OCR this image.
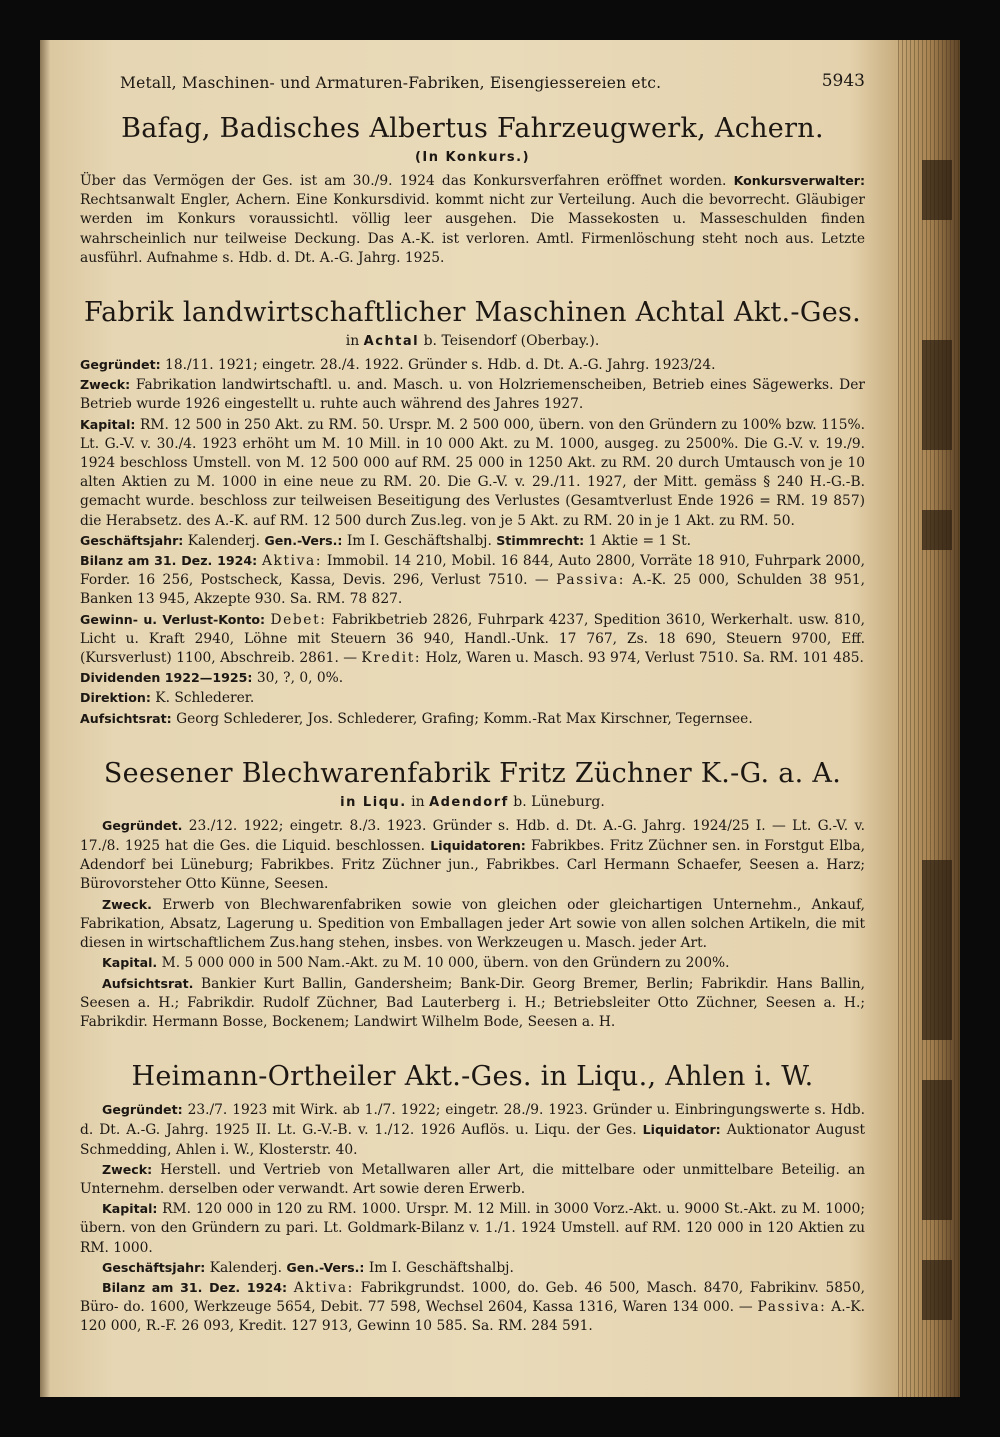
Metall, Maschinen- und Armaturen-Fabriken, Eisengiessereien etc.	5943
Bafag, Badisches Albertus Fahrzeugwerk, Achern.
(In Konkurs.)

Über das Vermögen der Ges. ist am 30./9. 1924 das Konkursverfahren eröffnet worden. Konkursverwalter: Rechtsanwalt Engler, Achern. Eine Konkursdivid. kommt nicht zur Verteilung. Auch die bevorrecht. Gläubiger werden im Konkurs voraussichtl. völlig leer ausgehen. Die Massekosten u. Masseschulden finden wahrscheinlich nur teilweise Deckung. Das A.-K. ist verloren. Amtl. Firmenlöschung steht noch aus. Letzte ausführl. Aufnahme s. Hdb. d. Dt. A.-G. Jahrg. 1925.

Fabrik landwirtschaftlicher Maschinen Achtal Akt.-Ges.
in Achtal b. Teisendorf (Oberbay.).

Gegründet: 18./11. 1921; eingetr. 28./4. 1922. Gründer s. Hdb. d. Dt. A.-G. Jahrg. 1923/24.

Zweck: Fabrikation landwirtschaftl. u. and. Masch. u. von Holzriemenscheiben, Betrieb eines Sägewerks. Der Betrieb wurde 1926 eingestellt u. ruhte auch während des Jahres 1927.

Kapital: RM. 12 500 in 250 Akt. zu RM. 50. Urspr. M. 2 500 000, übern. von den Gründern zu 100% bzw. 115%. Lt. G.-V. v. 30./4. 1923 erhöht um M. 10 Mill. in 10 000 Akt. zu M. 1000, ausgeg. zu 2500%. Die G.-V. v. 19./9. 1924 beschloss Umstell. von M. 12 500 000 auf RM. 25 000 in 1250 Akt. zu RM. 20 durch Umtausch von je 10 alten Aktien zu M. 1000 in eine neue zu RM. 20. Die G.-V. v. 29./11. 1927, der Mitt. gemäss § 240 H.-G.-B. gemacht wurde. beschloss zur teilweisen Beseitigung des Verlustes (Gesamtverlust Ende 1926 = RM. 19 857) die Herabsetz. des A.-K. auf RM. 12 500 durch Zus.leg. von je 5 Akt. zu RM. 20 in je 1 Akt. zu RM. 50.

Geschäftsjahr: Kalenderj. Gen.-Vers.: Im I. Geschäftshalbj. Stimmrecht: 1 Aktie = 1 St.

Bilanz am 31. Dez. 1924: Aktiva: Immobil. 14 210, Mobil. 16 844, Auto 2800, Vorräte 18 910, Fuhrpark 2000, Forder. 16 256, Postscheck, Kassa, Devis. 296, Verlust 7510. — Passiva: A.-K. 25 000, Schulden 38 951, Banken 13 945, Akzepte 930. Sa. RM. 78 827.

Gewinn- u. Verlust-Konto: Debet: Fabrikbetrieb 2826, Fuhrpark 4237, Spedition 3610, Werkerhalt. usw. 810, Licht u. Kraft 2940, Löhne mit Steuern 36 940, Handl.-Unk. 17 767, Zs. 18 690, Steuern 9700, Eff. (Kursverlust) 1100, Abschreib. 2861. — Kredit: Holz, Waren u. Masch. 93 974, Verlust 7510. Sa. RM. 101 485.

Dividenden 1922—1925: 30, ?, 0, 0%.

Direktion: K. Schlederer.

Aufsichtsrat: Georg Schlederer, Jos. Schlederer, Grafing; Komm.-Rat Max Kirschner, Tegernsee.

Seesener Blechwarenfabrik Fritz Züchner K.-G. a. A.
in Liqu. in Adendorf b. Lüneburg.

Gegründet. 23./12. 1922; eingetr. 8./3. 1923. Gründer s. Hdb. d. Dt. A.-G. Jahrg. 1924/25 I. — Lt. G.-V. v. 17./8. 1925 hat die Ges. die Liquid. beschlossen. Liquidatoren: Fabrikbes. Fritz Züchner sen. in Forstgut Elba, Adendorf bei Lüneburg; Fabrikbes. Fritz Züchner jun., Fabrikbes. Carl Hermann Schaefer, Seesen a. Harz; Bürovorsteher Otto Künne, Seesen.

Zweck. Erwerb von Blechwarenfabriken sowie von gleichen oder gleichartigen Unternehm., Ankauf, Fabrikation, Absatz, Lagerung u. Spedition von Emballagen jeder Art sowie von allen solchen Artikeln, die mit diesen in wirtschaftlichem Zus.hang stehen, insbes. von Werkzeugen u. Masch. jeder Art.

Kapital. M. 5 000 000 in 500 Nam.-Akt. zu M. 10 000, übern. von den Gründern zu 200%.

Aufsichtsrat. Bankier Kurt Ballin, Gandersheim; Bank-Dir. Georg Bremer, Berlin; Fabrikdir. Hans Ballin, Seesen a. H.; Fabrikdir. Rudolf Züchner, Bad Lauterberg i. H.; Betriebsleiter Otto Züchner, Seesen a. H.; Fabrikdir. Hermann Bosse, Bockenem; Landwirt Wilhelm Bode, Seesen a. H.

Heimann-Ortheiler Akt.-Ges. in Liqu., Ahlen i. W.

Gegründet: 23./7. 1923 mit Wirk. ab 1./7. 1922; eingetr. 28./9. 1923. Gründer u. Einbringungswerte s. Hdb. d. Dt. A.-G. Jahrg. 1925 II. Lt. G.-V.-B. v. 1./12. 1926 Auflös. u. Liqu. der Ges. Liquidator: Auktionator August Schmedding, Ahlen i. W., Klosterstr. 40.

Zweck: Herstell. und Vertrieb von Metallwaren aller Art, die mittelbare oder unmittelbare Beteilig. an Unternehm. derselben oder verwandt. Art sowie deren Erwerb.

Kapital: RM. 120 000 in 120 zu RM. 1000. Urspr. M. 12 Mill. in 3000 Vorz.-Akt. u. 9000 St.-Akt. zu M. 1000; übern. von den Gründern zu pari. Lt. Goldmark-Bilanz v. 1./1. 1924 Umstell. auf RM. 120 000 in 120 Aktien zu RM. 1000.

Geschäftsjahr: Kalenderj. Gen.-Vers.: Im I. Geschäftshalbj.

Bilanz am 31. Dez. 1924: Aktiva: Fabrikgrundst. 1000, do. Geb. 46 500, Masch. 8470, Fabrikinv. 5850, Büro- do. 1600, Werkzeuge 5654, Debit. 77 598, Wechsel 2604, Kassa 1316, Waren 134 000. — Passiva: A.-K. 120 000, R.-F. 26 093, Kredit. 127 913, Gewinn 10 585. Sa. RM. 284 591.
